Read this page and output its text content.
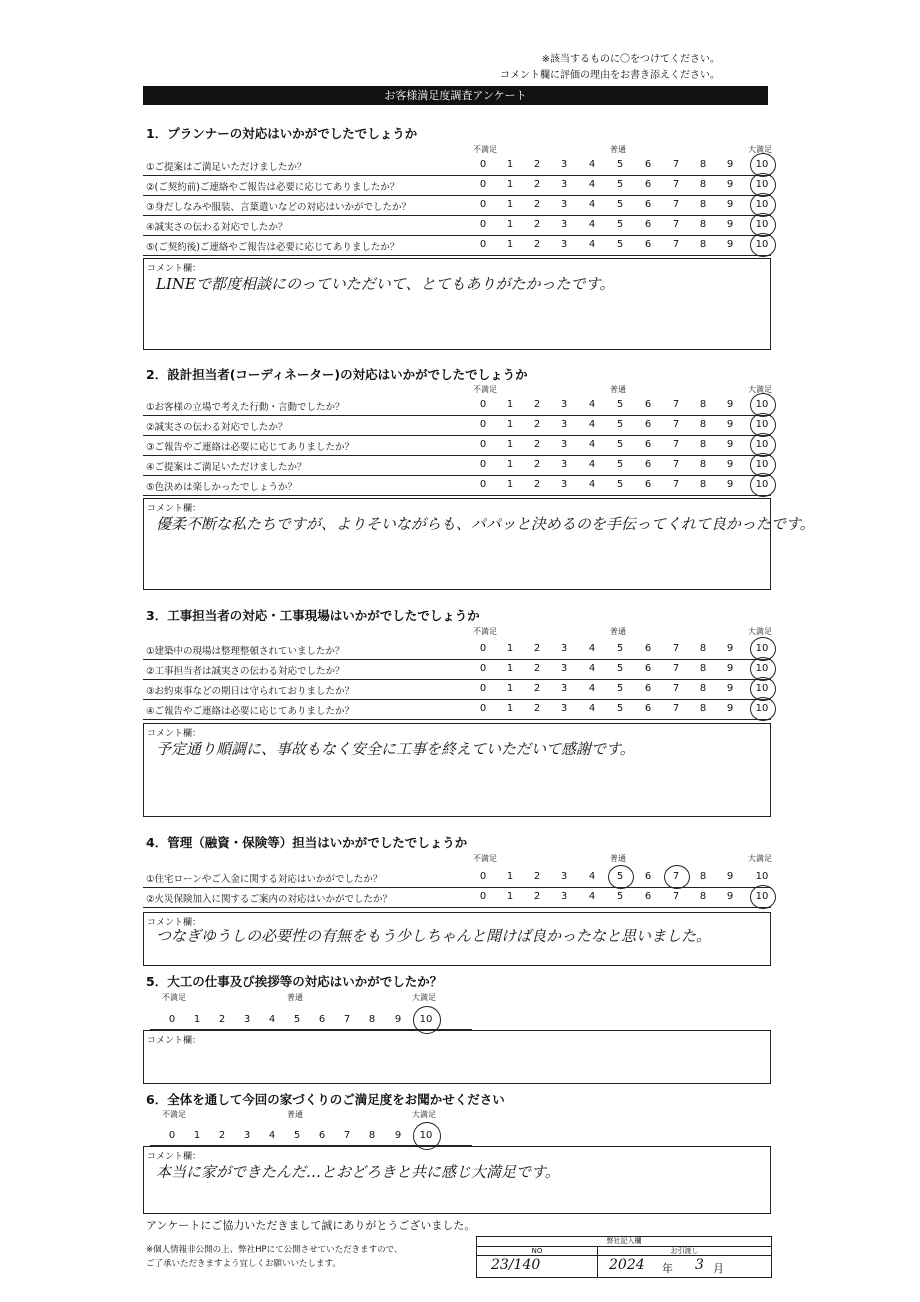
※該当するものに〇をつけてください。
コメント欄に評価の理由をお書き添えください。
お客様満足度調査アンケート
1．プランナーの対応はいかがでしたでしょうか
不満足	普通	大満足
①ご提案はご満足いただけましたか？	0	1	2	3	4	5	6	7	8	9	10
②(ご契約前)ご連絡やご報告は必要に応じてありましたか？	0	1	2	3	4	5	6	7	8	9	10
③身だしなみや服装、言葉遣いなどの対応はいかがでしたか？	0	1	2	3	4	5	6	7	8	9	10
④誠実さの伝わる対応でしたか？	0	1	2	3	4	5	6	7	8	9	10
⑤(ご契約後)ご連絡やご報告は必要に応じてありましたか？	0	1	2	3	4	5	6	7	8	9	10
コメント欄：
LINEで都度相談にのっていただいて、とてもありがたかったです。
2．設計担当者(コーディネーター)の対応はいかがでしたでしょうか
不満足	普通	大満足
①お客様の立場で考えた行動・言動でしたか？	0	1	2	3	4	5	6	7	8	9	10
②誠実さの伝わる対応でしたか？	0	1	2	3	4	5	6	7	8	9	10
③ご報告やご連絡は必要に応じてありましたか？	0	1	2	3	4	5	6	7	8	9	10
④ご提案はご満足いただけましたか？	0	1	2	3	4	5	6	7	8	9	10
⑤色決めは楽しかったでしょうか？	0	1	2	3	4	5	6	7	8	9	10
コメント欄：
優柔不断な私たちですが、よりそいながらも、パパッと決めるのを手伝ってくれて良かったです。
3．工事担当者の対応・工事現場はいかがでしたでしょうか
不満足	普通	大満足
①建築中の現場は整理整頓されていましたか？	0	1	2	3	4	5	6	7	8	9	10
②工事担当者は誠実さの伝わる対応でしたか？	0	1	2	3	4	5	6	7	8	9	10
③お約束事などの期日は守られておりましたか？	0	1	2	3	4	5	6	7	8	9	10
④ご報告やご連絡は必要に応じてありましたか？	0	1	2	3	4	5	6	7	8	9	10
コメント欄：
予定通り順調に、事故もなく安全に工事を終えていただいて感謝です。
4．管理（融資・保険等）担当はいかがでしたでしょうか
不満足	普通	大満足
①住宅ローンやご入金に関する対応はいかがでしたか？	0	1	2	3	4	5	6	7	8	9	10
②火災保険加入に関するご案内の対応はいかがでしたか？	0	1	2	3	4	5	6	7	8	9	10
コメント欄：
つなぎゆうしの必要性の有無をもう少しちゃんと聞けば良かったなと思いました。
5．大工の仕事及び挨拶等の対応はいかがでしたか？
不満足	普通	大満足
0	1	2	3	4	5	6	7	8	9	10
コメント欄：
6．全体を通して今回の家づくりのご満足度をお聞かせください
不満足	普通	大満足
0	1	2	3	4	5	6	7	8	9	10
コメント欄：
本当に家ができたんだ…とおどろきと共に感じ大満足です。
アンケートにご協力いただきまして誠にありがとうございました。
※個人情報非公開の上、弊社HPにて公開させていただきますので、
ご了承いただきますよう宜しくお願いいたします。
弊社記入欄
NO	お引渡し
23/140	2024 年 3 月
